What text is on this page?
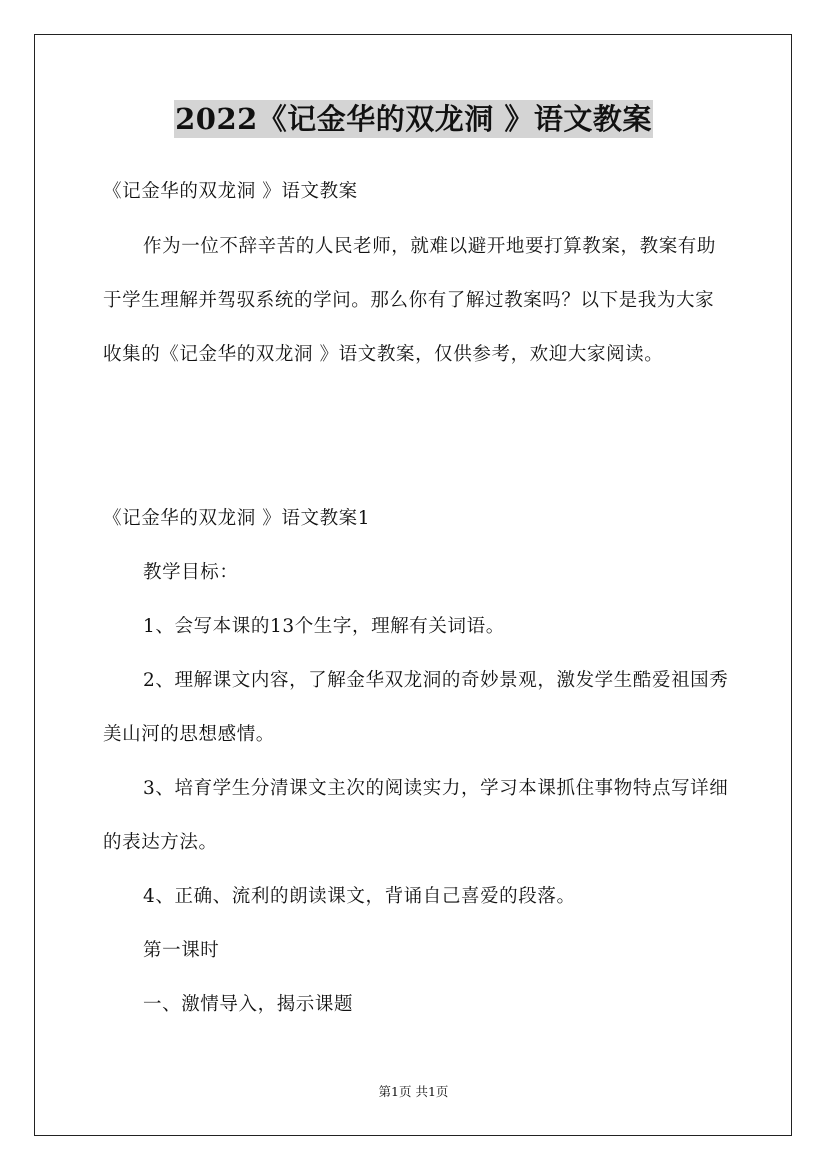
2022《记金华的双龙洞 》语文教案

《记金华的双龙洞 》语文教案

作为一位不辞辛苦的人民老师，就难以避开地要打算教案，教案有助于学生理解并驾驭系统的学问。那么你有了解过教案吗？以下是我为大家收集的《记金华的双龙洞 》语文教案，仅供参考，欢迎大家阅读。

《记金华的双龙洞 》语文教案1

教学目标：

1、会写本课的13个生字，理解有关词语。

2、理解课文内容，了解金华双龙洞的奇妙景观，激发学生酷爱祖国秀美山河的思想感情。

3、培育学生分清课文主次的阅读实力，学习本课抓住事物特点写详细的表达方法。

4、正确、流利的朗读课文，背诵自己喜爱的段落。

第一课时

一、激情导入，揭示课题

第1页 共1页
